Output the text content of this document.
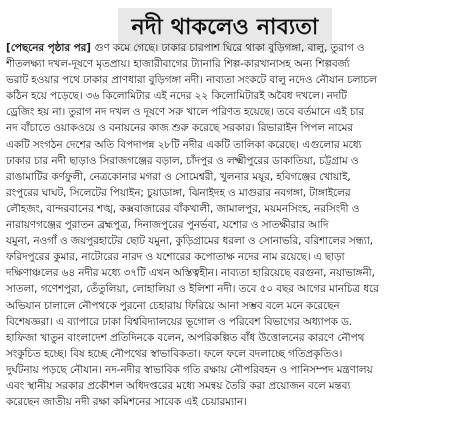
নদী থাকলেও নাব্যতা
[পেছনের পৃষ্ঠার পর] গুণ কমে গেছে। ঢাকার চারপাশ ঘিরে থাকা বুড়িগঙ্গা, বালু, তুরাগ ও
শীতলক্ষ্যা দখল-দূষণে মৃতপ্রায়। হাজারীবাগের ট্যানারি শিল্প-কারখানাসহ অন্য শিল্পবর্জ্য
ভরাট হওয়ার পথে ঢাকার প্রাণধারা বুড়িগঙ্গা নদী। নাব্যতা সংকটে বালু নদেও নৌযান চলাচল
কঠিন হয়ে পড়েছে। ৩৬ কিলোমিটার এই নদের ২২ কিলোমিটারই অবৈধ দখলে। নদটি
ড্রেজিং হয় না। তুরাগ নদ দখল ও দূষণে সরু খালে পরিণত হয়েছে। তবে বর্তমানে এই চার
নদ বাঁচাতে ওয়াকওয়ে ও বনায়নের কাজ শুরু করেছে সরকার। রিভারাইন পিপল নামের
একটি সংগঠন দেশের অতি বিপদাপন্ন ২৮টি নদীর একটি তালিকা করেছে। এগুলোর মধ্যে
ঢাকার চার নদী ছাড়াও সিরাজগঞ্জের বড়াল, চাঁদপুর ও লক্ষ্মীপুরের ডাকাতিয়া, চট্টগ্রাম ও
রাঙামাটির কর্ণফুলী, নেত্রকোনার মগরা ও সোমেশ্বরী, খুলনার ময়ূর, হবিগঞ্জের খোয়াই,
রংপুরের ঘাঘট, সিলেটের পিয়াইন; চুয়াডাঙ্গা, ঝিনাইদহ ও মাগুরার নবগঙ্গা, টাঙ্গাইলের
লৌহজং, বান্দরবানের শঙ্খ, কক্সবাজারের বাঁকখালী, জামালপুর, ময়মনসিংহ, নরসিংদী ও
নারায়ণগঞ্জের পুরাতন ব্রহ্মপুত্র, দিনাজপুরের পুনর্ভবা, যশোর ও সাতক্ষীরার আদি
যমুনা, নওগাঁ ও জয়পুরহাটের ছোট যমুনা, কুড়িগ্রামের ধরলা ও সোনাভরি, বরিশালের সন্ধ্যা,
ফরিদপুরের কুমার, নাটোরের নারদ ও যশোরের কপোতাক্ষ নদের নাম রয়েছে। এ ছাড়া
দক্ষিণাঞ্চলের ৬৪ নদীর মধ্যে ৩৭টি এখন অস্তিত্বহীন। নাব্যতা হারিয়েছে বরগুনা, নয়াভাঙ্গনী,
সাতলা, গণেশপুরা, তেঁতুলিয়া, লোহালিয়া ও ইলিশা নদী। তবে ৫০ বছর আগের মানচিত্র ধরে
অভিযান চালালে নৌপথকে পুরনো চেহারায় ফিরিয়ে আনা সম্ভব বলে মনে করেছেন
বিশেষজ্ঞরা। এ ব্যাপারে ঢাকা বিশ্ববিদ্যালয়ের ভূগোল ও পরিবেশ বিভাগের অধ্যাপক ড.
হাফিজা খাতুন বাংলাদেশ প্রতিদিনকে বলেন, অপরিকল্পিত বাঁধ উত্তোলনের কারণে নৌপথ
সংকুচিত হচ্ছে। বিষ হচ্ছে নৌপথের স্বাভাবিকতা। ফলে ফলে বদলাচ্ছে গতিপ্রকৃতিও।
দুর্ঘটনায় পড়ছে নৌযান। নদ-নদীর স্বাভাবিক গতি রক্ষায় নৌপরিবহন ও পানিসম্পদ মন্ত্রণালয়
এবং স্থানীয় সরকার প্রকৌশল অধিদপ্তরের মধ্যে সমন্বয় তৈরি করা প্রয়োজন বলে মন্তব্য
করেছেন জাতীয় নদী রক্ষা কমিশনের সাবেক এই চেয়ারম্যান।
